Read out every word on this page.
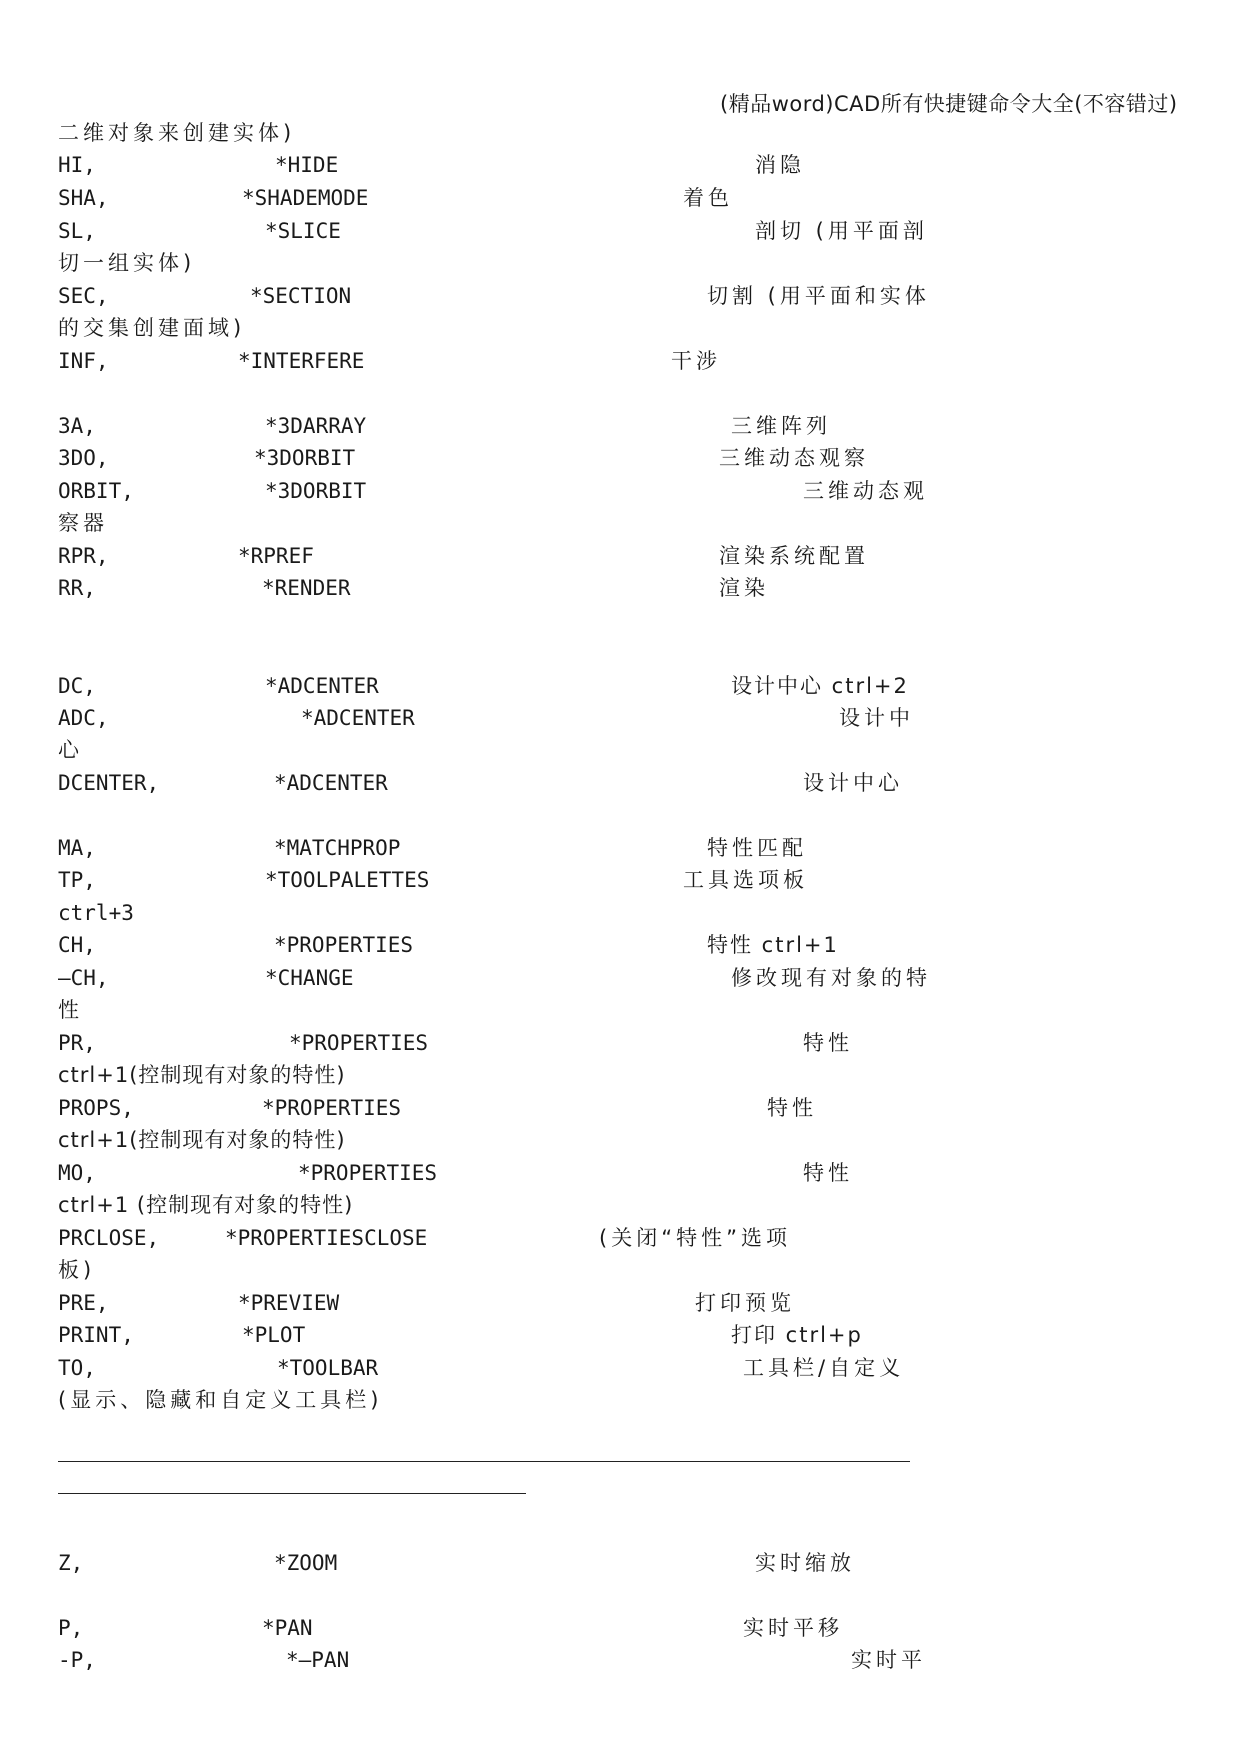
(精品word)CAD所有快捷键命令大全(不容错过)
二维对象来创建实体)
HI,	*HIDE	消隐
SHA,	*SHADEMODE	着色
SL,	*SLICE	剖切 (用平面剖
切一组实体)
SEC,	*SECTION	切割 (用平面和实体
的交集创建面域)
INF,	*INTERFERE	干涉
3A,	*3DARRAY	三维阵列
3DO,	*3DORBIT	三维动态观察
ORBIT,	*3DORBIT	三维动态观
察器
RPR,	*RPREF	渲染系统配置
RR,	*RENDER	渲染
DC,	*ADCENTER	设计中心 ctrl+2
ADC,	*ADCENTER	设计中
心
DCENTER,	*ADCENTER	设计中心
MA,	*MATCHPROP	特性匹配
TP,	*TOOLPALETTES	工具选项板
ctrl+3
CH,	*PROPERTIES	特性 ctrl+1
—CH,	*CHANGE	修改现有对象的特
性
PR,	*PROPERTIES	特性
ctrl+1(控制现有对象的特性)
PROPS,	*PROPERTIES	特性
ctrl+1(控制现有对象的特性)
MO,	*PROPERTIES	特性
ctrl+1 (控制现有对象的特性)
PRCLOSE,	*PROPERTIESCLOSE	(关闭“特性”选项
板)
PRE,	*PREVIEW	打印预览
PRINT,	*PLOT	打印 ctrl+p
TO,	*TOOLBAR	工具栏/自定义
(显示、隐藏和自定义工具栏)
Z,	*ZOOM	实时缩放
P,	*PAN	实时平移
-P,	*—PAN	实时平
